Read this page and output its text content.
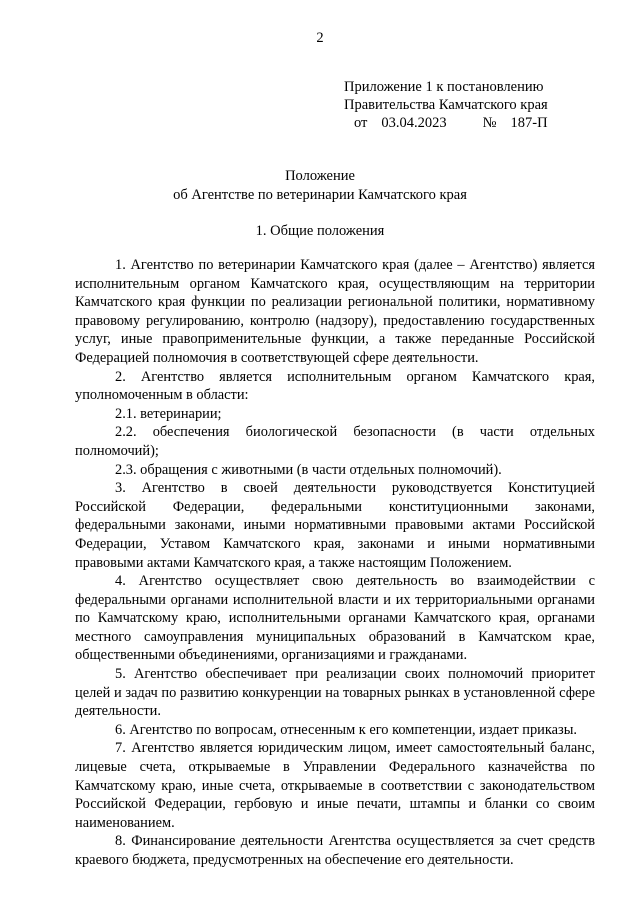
2
Приложение 1 к постановлению
Правительства Камчатского края
от 03.04.2023 № 187-П
Положение
об Агентстве по ветеринарии Камчатского края
1. Общие положения

1. Агентство по ветеринарии Камчатского края (далее – Агентство) является исполнительным органом Камчатского края, осуществляющим на территории Камчатского края функции по реализации региональной политики, нормативному правовому регулированию, контролю (надзору), предоставлению государственных услуг, иные правоприменительные функции, а также переданные Российской Федерацией полномочия в соответствующей сфере деятельности.

2. Агентство является исполнительным органом Камчатского края, уполномоченным в области:

2.1. ветеринарии;

2.2. обеспечения биологической безопасности (в части отдельных полномочий);

2.3. обращения с животными (в части отдельных полномочий).

3. Агентство в своей деятельности руководствуется Конституцией Российской Федерации, федеральными конституционными законами, федеральными законами, иными нормативными правовыми актами Российской Федерации, Уставом Камчатского края, законами и иными нормативными правовыми актами Камчатского края, а также настоящим Положением.

4. Агентство осуществляет свою деятельность во взаимодействии с федеральными органами исполнительной власти и их территориальными органами по Камчатскому краю, исполнительными органами Камчатского края, органами местного самоуправления муниципальных образований в Камчатском крае, общественными объединениями, организациями и гражданами.

5. Агентство обеспечивает при реализации своих полномочий приоритет целей и задач по развитию конкуренции на товарных рынках в установленной сфере деятельности.

6. Агентство по вопросам, отнесенным к его компетенции, издает приказы.

7. Агентство является юридическим лицом, имеет самостоятельный баланс, лицевые счета, открываемые в Управлении Федерального казначейства по Камчатскому краю, иные счета, открываемые в соответствии с законодательством Российской Федерации, гербовую и иные печати, штампы и бланки со своим наименованием.

8. Финансирование деятельности Агентства осуществляется за счет средств краевого бюджета, предусмотренных на обеспечение его деятельности.
